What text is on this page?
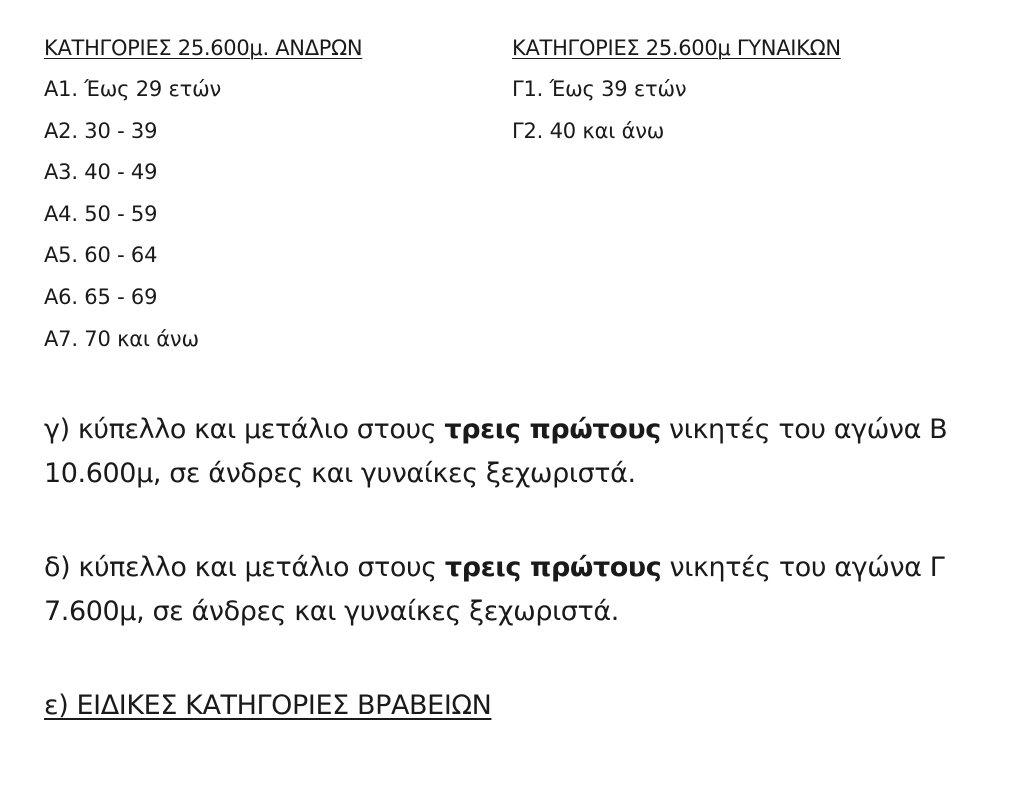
ΚΑΤΗΓΟΡΙΕΣ 25.600μ. ΑΝΔΡΩΝ
Α1. Έως 29 ετών
Α2. 30 - 39
Α3. 40 - 49
Α4. 50 - 59
Α5. 60 - 64
Α6. 65 - 69
Α7. 70 και άνω
ΚΑΤΗΓΟΡΙΕΣ 25.600μ ΓΥΝΑΙΚΩΝ
Γ1. Έως 39 ετών
Γ2. 40 και άνω

γ) κύπελλο και μετάλιο στους τρεις πρώτους νικητές του αγώνα Β 10.600μ, σε άνδρες και γυναίκες ξεχωριστά.

δ) κύπελλο και μετάλιο στους τρεις πρώτους νικητές του αγώνα Γ 7.600μ, σε άνδρες και γυναίκες ξεχωριστά.

ε) ΕΙΔΙΚΕΣ ΚΑΤΗΓΟΡΙΕΣ ΒΡΑΒΕΙΩΝ
